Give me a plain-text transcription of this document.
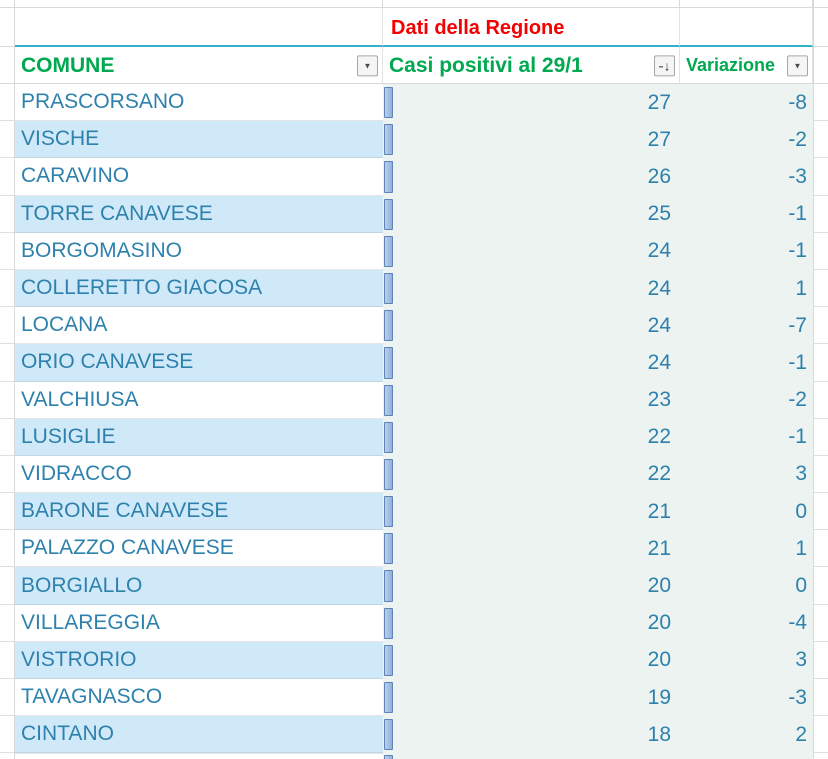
Dati della Regione
COMUNE	▼ Casi positivi al 29/1	↓ Variazione ▼
PRASCORSANO	27	-8
VISCHE	27	-2
CARAVINO	26	-3
TORRE CANAVESE	25	-1
BORGOMASINO	24	-1
COLLERETTO GIACOSA	24	1
LOCANA	24	-7
ORIO CANAVESE	24	-1
VALCHIUSA	23	-2
LUSIGLIE	22	-1
VIDRACCO	22	3
BARONE CANAVESE	21	0
PALAZZO CANAVESE	21	1
BORGIALLO	20	0
VILLAREGGIA	20	-4
VISTRORIO	20	3
TAVAGNASCO	19	-3
CINTANO	18	2
